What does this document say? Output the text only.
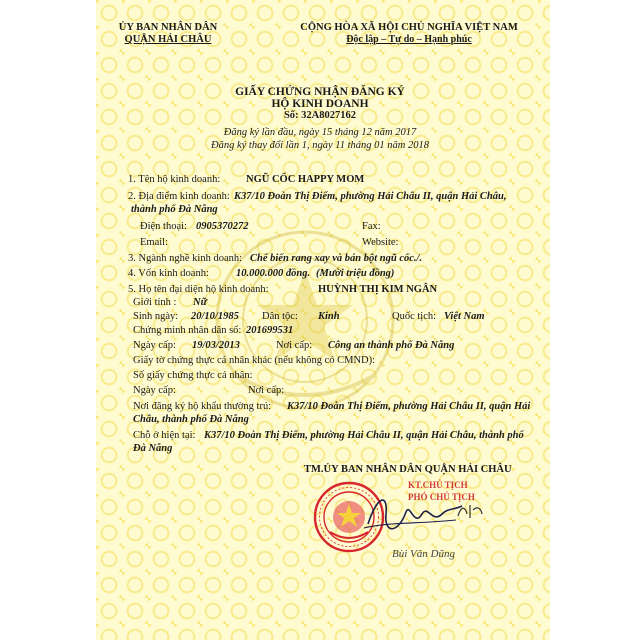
ỦY BAN NHÂN DÂN
QUẬN HẢI CHÂU
CỘNG HÒA XÃ HỘI CHỦ NGHĨA VIỆT NAM
Độc lập – Tự do – Hạnh phúc
GIẤY CHỨNG NHẬN ĐĂNG KÝ
HỘ KINH DOANH
Số: 32A8027162
Đăng ký lần đầu, ngày 15 tháng 12 năm 2017
Đăng ký thay đổi lần 1, ngày 11 tháng 01 năm 2018
1. Tên hộ kinh doanh: NGŨ CỐC HAPPY MOM
2. Địa điểm kinh doanh: K37/10 Đoàn Thị Điểm, phường Hải Châu II, quận Hải Châu,
thành phố Đà Nẵng
Điện thoại: 0905370272	Fax:
Email:	Website:
3. Ngành nghề kinh doanh: Chế biến rang xay và bán bột ngũ cốc./.
4. Vốn kinh doanh:	10.000.000 đồng. (Mười triệu đồng)
5. Họ tên đại diện hộ kinh doanh:	HUỲNH THỊ KIM NGÂN
Giới tính : Nữ
Sinh ngày: 20/10/1985 Dân tộc: Kinh	Quốc tịch: Việt Nam
Chứng minh nhân dân số: 201699531
Ngày cấp: 19/03/2013	Nơi cấp: Công an thành phố Đà Nẵng
Giấy tờ chứng thực cá nhân khác (nếu không có CMND):
Số giấy chứng thực cá nhân:
Ngày cấp:	Nơi cấp:
Nơi đăng ký hộ khẩu thường trú: K37/10 Đoàn Thị Điểm, phường Hải Châu II, quận Hải
Châu, thành phố Đà Nẵng
Chỗ ở hiện tại: K37/10 Đoàn Thị Điểm, phường Hải Châu II, quận Hải Châu, thành phố
Đà Nẵng
TM.ỦY BAN NHÂN DÂN QUẬN HẢI CHÂU
KT.CHỦ TỊCH
PHÓ CHỦ TỊCH
Bùi Văn Dũng
